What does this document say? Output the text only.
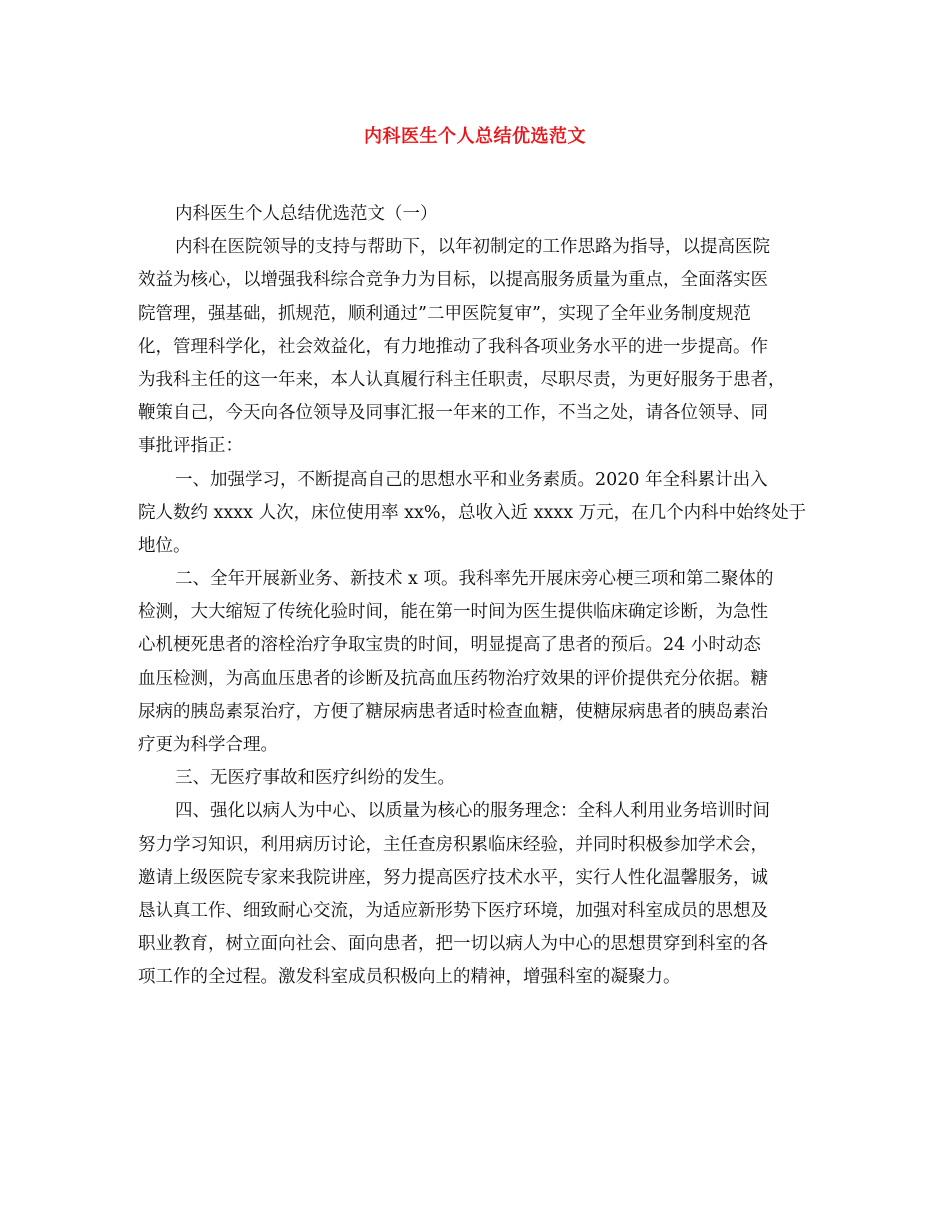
内科医生个人总结优选范文
内科医生个人总结优选范文（一）
内科在医院领导的支持与帮助下，以年初制定的工作思路为指导，以提高医院
效益为核心，以增强我科综合竞争力为目标，以提高服务质量为重点，全面落实医
院管理，强基础，抓规范，顺利通过”二甲医院复审”，实现了全年业务制度规范
化，管理科学化，社会效益化，有力地推动了我科各项业务水平的进一步提高。作
为我科主任的这一年来，本人认真履行科主任职责，尽职尽责，为更好服务于患者，
鞭策自己，今天向各位领导及同事汇报一年来的工作，不当之处，请各位领导、同
事批评指正：
一、加强学习，不断提高自己的思想水平和业务素质。2020 年全科累计出入
院人数约 xxxx 人次，床位使用率 xx%，总收入近 xxxx 万元，在几个内科中始终处于
地位。
二、全年开展新业务、新技术 x 项。我科率先开展床旁心梗三项和第二聚体的
检测，大大缩短了传统化验时间，能在第一时间为医生提供临床确定诊断，为急性
心机梗死患者的溶栓治疗争取宝贵的时间，明显提高了患者的预后。24 小时动态
血压检测，为高血压患者的诊断及抗高血压药物治疗效果的评价提供充分依据。糖
尿病的胰岛素泵治疗，方便了糖尿病患者适时检查血糖，使糖尿病患者的胰岛素治
疗更为科学合理。
三、无医疗事故和医疗纠纷的发生。
四、强化以病人为中心、以质量为核心的服务理念：全科人利用业务培训时间
努力学习知识，利用病历讨论，主任查房积累临床经验，并同时积极参加学术会，
邀请上级医院专家来我院讲座，努力提高医疗技术水平，实行人性化温馨服务，诚
恳认真工作、细致耐心交流，为适应新形势下医疗环境，加强对科室成员的思想及
职业教育，树立面向社会、面向患者，把一切以病人为中心的思想贯穿到科室的各
项工作的全过程。激发科室成员积极向上的精神，增强科室的凝聚力。
